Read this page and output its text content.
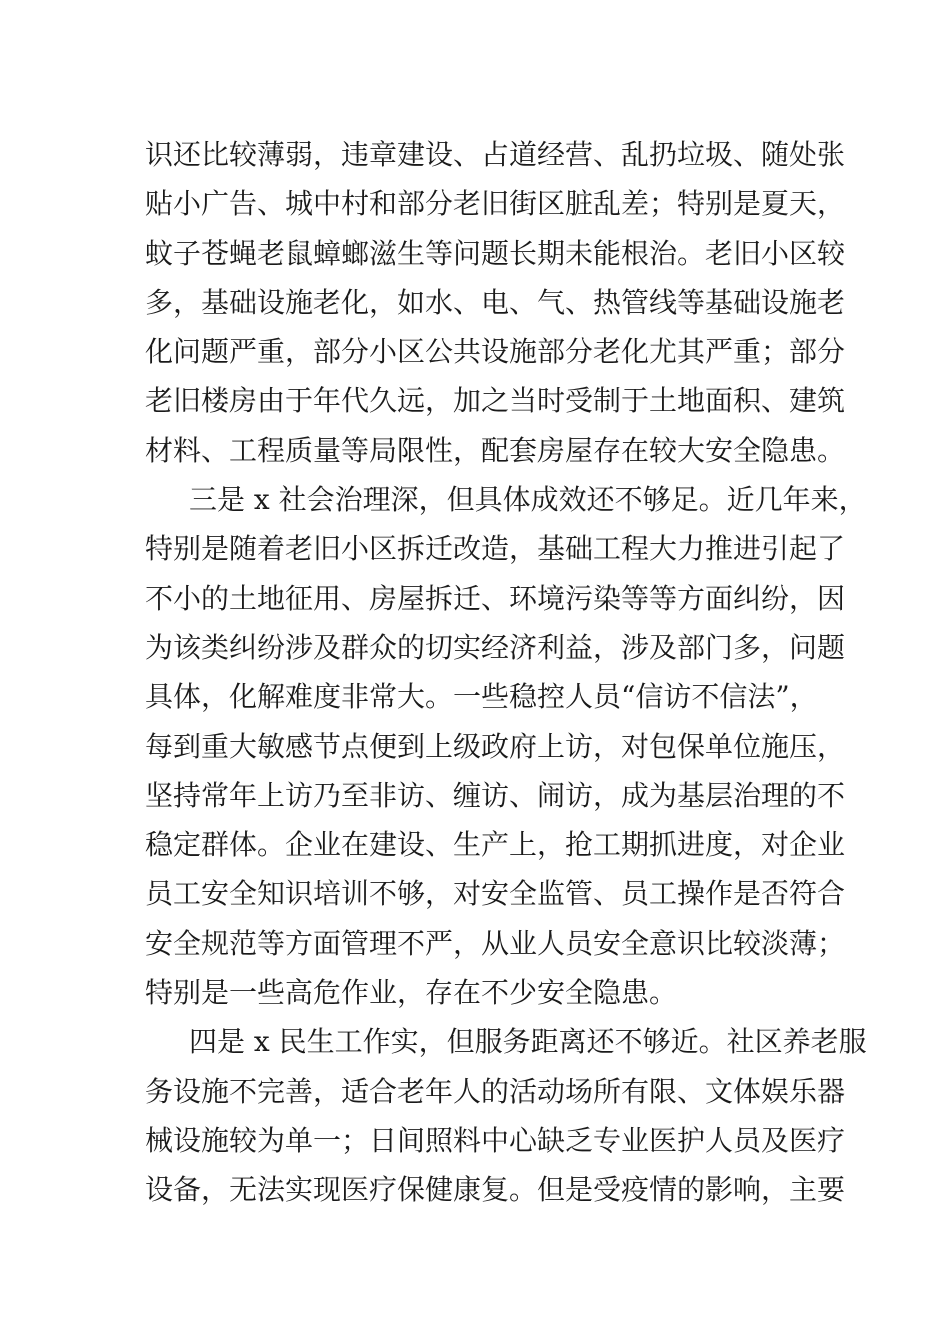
识还比较薄弱，违章建设、占道经营、乱扔垃圾、随处张
贴小广告、城中村和部分老旧街区脏乱差；特别是夏天，
蚊子苍蝇老鼠蟑螂滋生等问题长期未能根治。老旧小区较
多，基础设施老化，如水、电、气、热管线等基础设施老
化问题严重，部分小区公共设施部分老化尤其严重；部分
老旧楼房由于年代久远，加之当时受制于土地面积、建筑
材料、工程质量等局限性，配套房屋存在较大安全隐患。
三是 x 社会治理深，但具体成效还不够足。近几年来，
特别是随着老旧小区拆迁改造，基础工程大力推进引起了
不小的土地征用、房屋拆迁、环境污染等等方面纠纷，因
为该类纠纷涉及群众的切实经济利益，涉及部门多，问题
具体，化解难度非常大。一些稳控人员“信访不信法”，
每到重大敏感节点便到上级政府上访，对包保单位施压，
坚持常年上访乃至非访、缠访、闹访，成为基层治理的不
稳定群体。企业在建设、生产上，抢工期抓进度，对企业
员工安全知识培训不够，对安全监管、员工操作是否符合
安全规范等方面管理不严，从业人员安全意识比较淡薄；
特别是一些高危作业，存在不少安全隐患。
四是 x 民生工作实，但服务距离还不够近。社区养老服
务设施不完善，适合老年人的活动场所有限、文体娱乐器
械设施较为单一；日间照料中心缺乏专业医护人员及医疗
设备，无法实现医疗保健康复。但是受疫情的影响，主要
